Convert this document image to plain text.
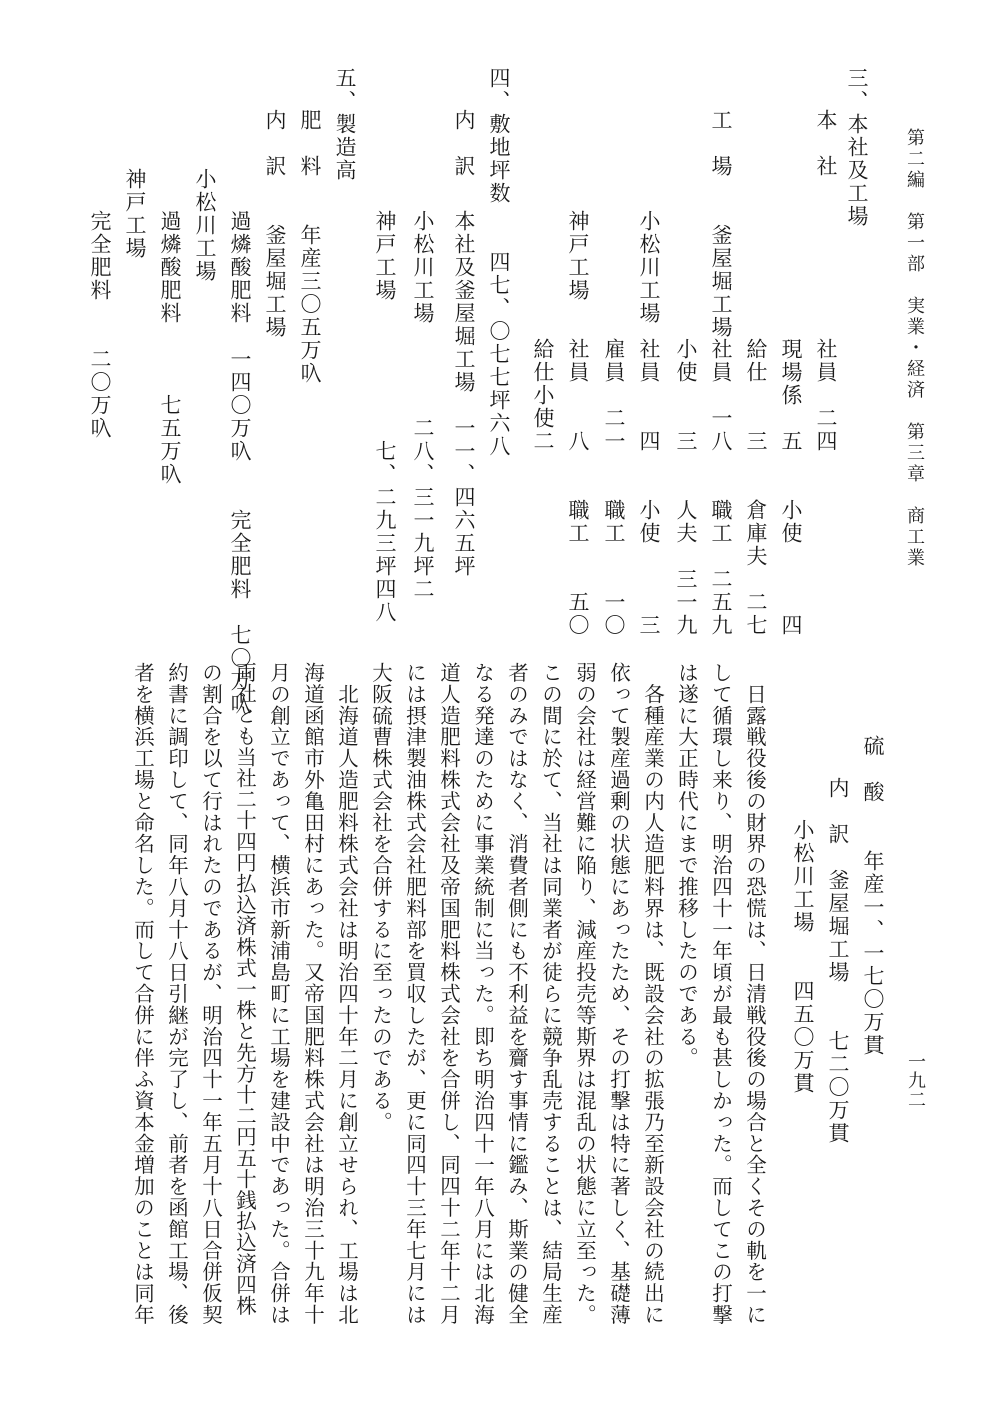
第二編　第一部　実業・経済　第三章　商工業
一九二
三、本社及工場
本　社
社員　二四
現場係　五　　小使　　　四
給仕　　三　　倉庫夫　二七
工　場　　釜屋堀工場
社員　一八　　職工　二五九
小使　　三　　人夫　三一九
小松川工場
社員　　四　　小使　　　三
雇員　二一　　職工　　一〇
神戸工場
社員　　八　　職工　　五〇
給仕小使二
四、敷地坪数　　四七、〇七七坪六八
内　訳
本社及釜屋堀工場　一一、四六五坪
小松川工場　　　　二八、三一九坪二
神戸工場　　　　　　七、二九三坪四八
五、製造高
肥　料　　年産三〇五万叺
内　訳　　釜屋堀工場
過燐酸肥料　一四〇万叺　　完全肥料　七〇万叺
小松川工場
過燐酸肥料　　　七五万叺
神戸工場
完全肥料　　二〇万叺
硫　酸　　年産一、一七〇万貫
内　訳　釜屋堀工場　　七二〇万貫
小松川工場　　四五〇万貫
　日露戦役後の財界の恐慌は、日清戦役後の場合と全くその軌を一に
して循環し来り、明治四十一年頃が最も甚しかった。而してこの打撃
は遂に大正時代にまで推移したのである。
　各種産業の内人造肥料界は、既設会社の拡張乃至新設会社の続出に
依って製産過剰の状態にあったため、その打撃は特に著しく、基礎薄
弱の会社は経営難に陥り、減産投売等斯界は混乱の状態に立至った。
この間に於て、当社は同業者が徒らに競争乱売することは、結局生産
者のみではなく、消費者側にも不利益を齎す事情に鑑み、斯業の健全
なる発達のために事業統制に当った。即ち明治四十一年八月には北海
道人造肥料株式会社及帝国肥料株式会社を合併し、同四十二年十二月
には摂津製油株式会社肥料部を買収したが、更に同四十三年七月には
大阪硫曹株式会社を合併するに至ったのである。
　北海道人造肥料株式会社は明治四十年二月に創立せられ、工場は北
海道函館市外亀田村にあった。又帝国肥料株式会社は明治三十九年十
月の創立であって、横浜市新浦島町に工場を建設中であった。合併は
両社とも当社二十四円払込済株式一株と先方十二円五十銭払込済四株
の割合を以て行はれたのであるが、明治四十一年五月十八日合併仮契
約書に調印して、同年八月十八日引継が完了し、前者を函館工場、後
者を横浜工場と命名した。而して合併に伴ふ資本金増加のことは同年
